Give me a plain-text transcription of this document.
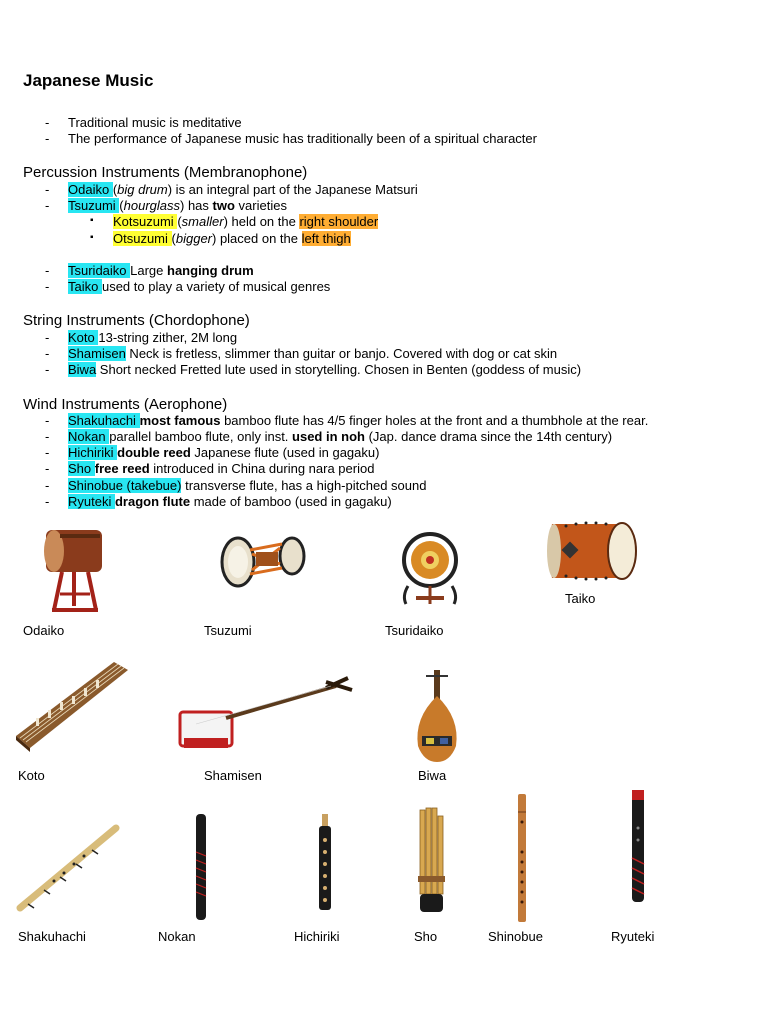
Japanese Music
- Traditional music is meditative
- The performance of Japanese music has traditionally been of a spiritual character
Percussion Instruments (Membranophone)
- Odaiko (big drum) is an integral part of the Japanese Matsuri
- Tsuzumi (hourglass) has two varieties
▪ Kotsuzumi (smaller) held on the right shoulder
▪ Otsuzumi (bigger) placed on the left thigh
- Tsuridaiko Large hanging drum
- Taiko used to play a variety of musical genres
String Instruments (Chordophone)
- Koto 13-string zither, 2M long
- Shamisen Neck is fretless, slimmer than guitar or banjo. Covered with dog or cat skin
- Biwa Short necked Fretted lute used in storytelling. Chosen in Benten (goddess of music)
Wind Instruments (Aerophone)
- Shakuhachi most famous bamboo flute has 4/5 finger holes at the front and a thumbhole at the rear.
- Nokan parallel bamboo flute, only inst. used in noh (Jap. dance drama since the 14th century)
- Hichiriki double reed Japanese flute (used in gagaku)
- Sho free reed introduced in China during nara period
- Shinobue (takebue) transverse flute, has a high-pitched sound
- Ryuteki dragon flute made of bamboo (used in gagaku)
Odaiko	Tsuzumi	Tsuridaiko
Taiko
Koto	Shamisen	Biwa
Shakuhachi	Nokan	Hichiriki	Sho	Shinobue	Ryuteki
